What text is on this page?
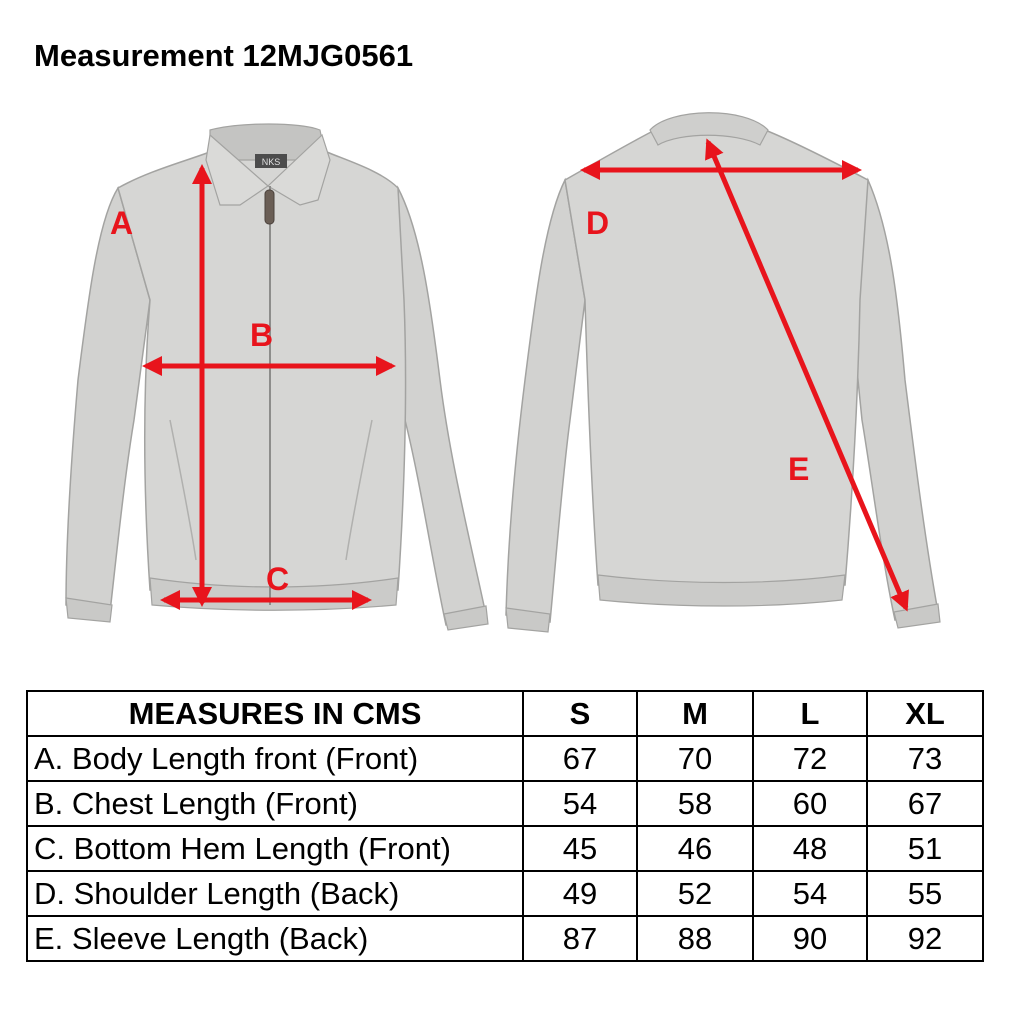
Measurement 12MJG0561
NKS
A
B
C
D
E
MEASURES IN CMS	S	M	L	XL
A. Body Length front (Front)	67	70	72	73
B. Chest Length (Front)	54	58	60	67
C. Bottom Hem Length (Front)	45	46	48	51
D. Shoulder Length (Back)	49	52	54	55
E. Sleeve Length (Back)	87	88	90	92
